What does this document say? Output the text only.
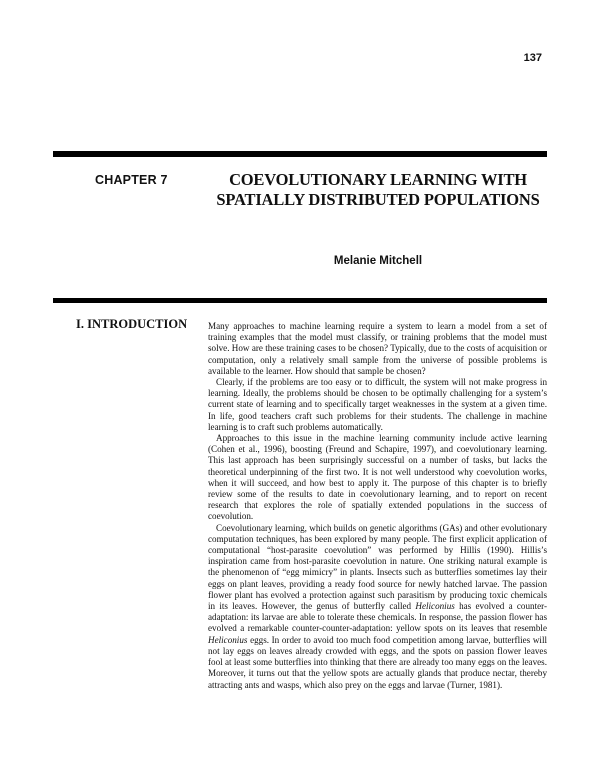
137
CHAPTER 7	COEVOLUTIONARY LEARNING WITH SPATIALLY DISTRIBUTED POPULATIONS
Melanie Mitchell
I. INTRODUCTION Many approaches to machine learning require a system to learn a model from a set of training examples that the model must classify, or training problems that the model must solve. How are these training cases to be chosen? Typically, due to the costs of acquisition or computation, only a relatively small sample from the universe of possible problems is available to the learner. How should that sample be chosen?

Clearly, if the problems are too easy or to difficult, the system will not make progress in learning. Ideally, the problems should be chosen to be optimally challenging for a system’s current state of learning and to specifically target weaknesses in the system at a given time. In life, good teachers craft such problems for their students. The challenge in machine learning is to craft such problems automatically.

Approaches to this issue in the machine learning community include active learning (Cohen et al., 1996), boosting (Freund and Schapire, 1997), and coevolutionary learning. This last approach has been surprisingly successful on a number of tasks, but lacks the theoretical underpinning of the first two. It is not well understood why coevolution works, when it will succeed, and how best to apply it. The purpose of this chapter is to briefly review some of the results to date in coevolutionary learning, and to report on recent research that explores the role of spatially extended populations in the success of coevolution.

Coevolutionary learning, which builds on genetic algorithms (GAs) and other evolutionary computation techniques, has been explored by many people. The first explicit application of computational “host-parasite coevolution” was performed by Hillis (1990). Hillis’s inspiration came from host-parasite coevolution in nature. One striking natural example is the phenomenon of “egg mimicry” in plants. Insects such as butterflies sometimes lay their eggs on plant leaves, providing a ready food source for newly hatched larvae. The passion flower plant has evolved a protection against such parasitism by producing toxic chemicals in its leaves. However, the genus of butterfly called Heliconius has evolved a counter-adaptation: its larvae are able to tolerate these chemicals. In response, the passion flower has evolved a remarkable counter-counter-adaptation: yellow spots on its leaves that resemble Heliconius eggs. In order to avoid too much food competition among larvae, butterflies will not lay eggs on leaves already crowded with eggs, and the spots on passion flower leaves fool at least some butterflies into thinking that there are already too many eggs on the leaves. Moreover, it turns out that the yellow spots are actually glands that produce nectar, thereby attracting ants and wasps, which also prey on the eggs and larvae (Turner, 1981).
